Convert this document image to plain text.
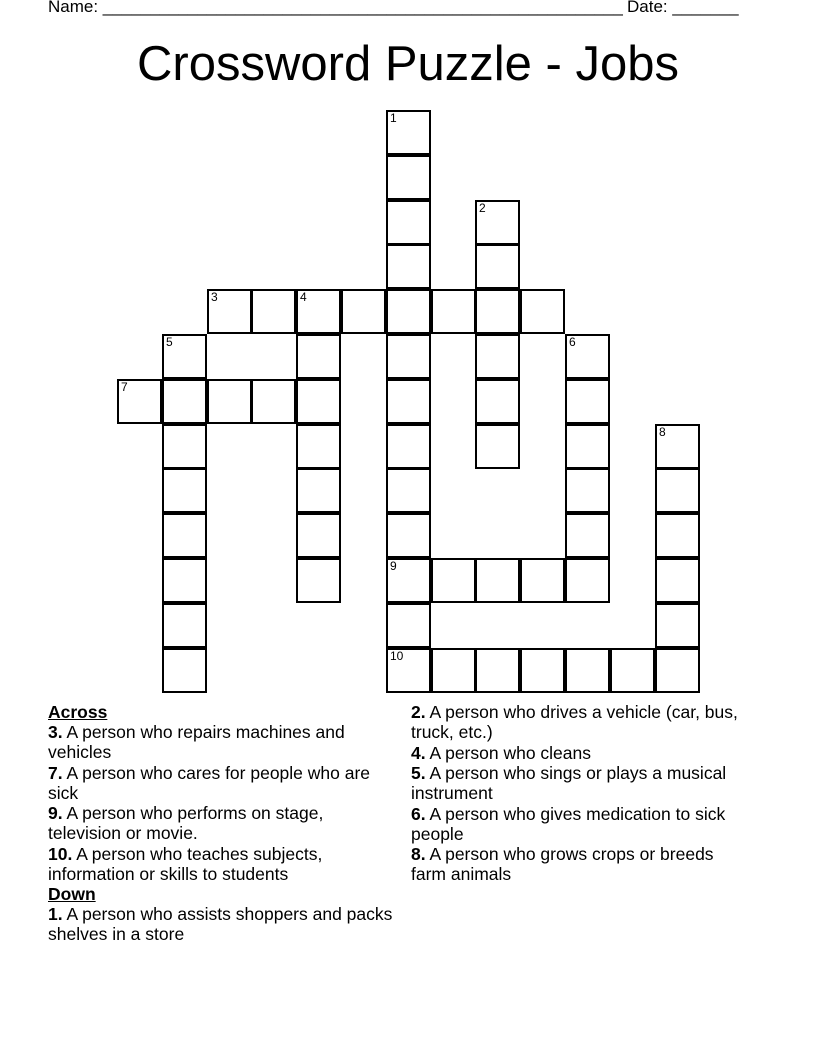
Name: _______________________________________________________ Date: _______
Crossword Puzzle - Jobs
1
9
10
2
3	4
5	6
7
8

Across

3. A person who repairs machines and vehicles

7. A person who cares for people who are sick

9. A person who performs on stage, television or movie.

10. A person who teaches subjects, information or skills to students

Down

1. A person who assists shoppers and packs shelves in a store

2. A person who drives a vehicle (car, bus, truck, etc.)

4. A person who cleans

5. A person who sings or plays a musical instrument

6. A person who gives medication to sick people

8. A person who grows crops or breeds farm animals
